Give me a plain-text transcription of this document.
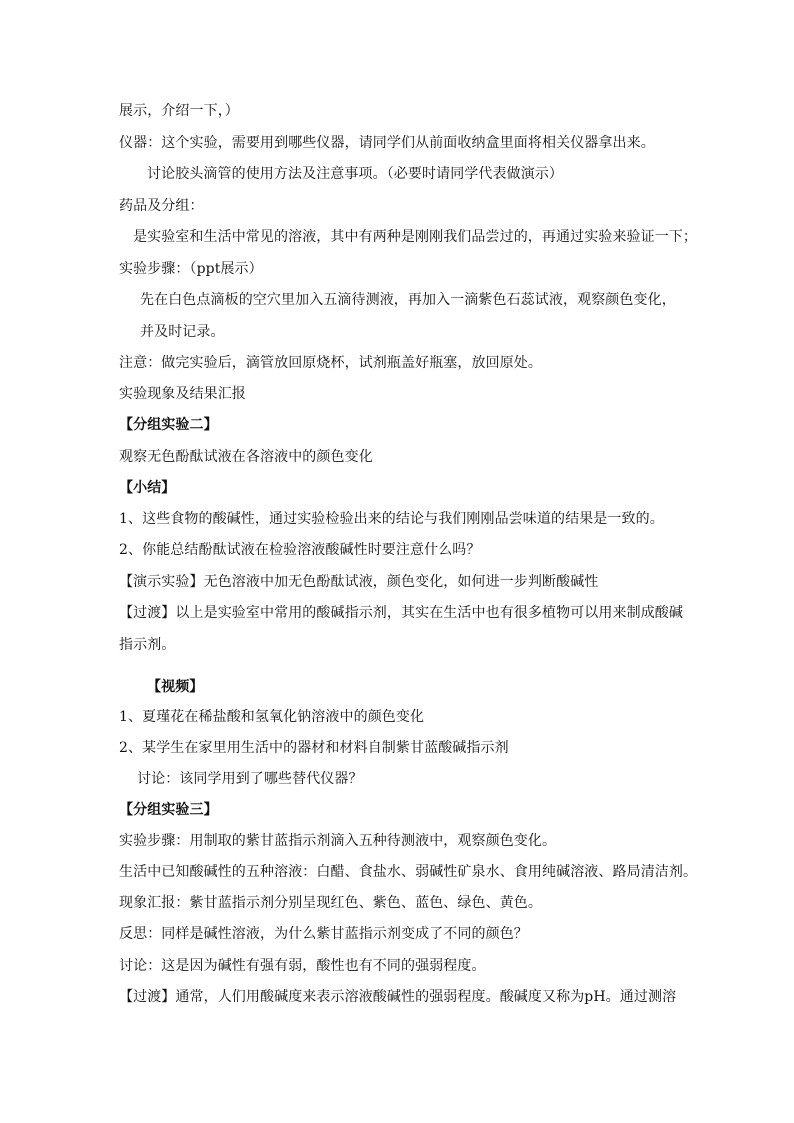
展示，介绍一下，）
仪器：这个实验，需要用到哪些仪器，请同学们从前面收纳盒里面将相关仪器拿出来。
讨论胶头滴管的使用方法及注意事项。（必要时请同学代表做演示）
药品及分组：
是实验室和生活中常见的溶液，其中有两种是刚刚我们品尝过的，再通过实验来验证一下；
实验步骤：（ppt展示）
先在白色点滴板的空穴里加入五滴待测液，再加入一滴紫色石蕊试液，观察颜色变化，
并及时记录。
注意：做完实验后，滴管放回原烧杯，试剂瓶盖好瓶塞，放回原处。
实验现象及结果汇报
【分组实验二】
观察无色酚酞试液在各溶液中的颜色变化
【小结】
1、这些食物的酸碱性，通过实验检验出来的结论与我们刚刚品尝味道的结果是一致的。
2、你能总结酚酞试液在检验溶液酸碱性时要注意什么吗？
【演示实验】无色溶液中加无色酚酞试液，颜色变化，如何进一步判断酸碱性
【过渡】以上是实验室中常用的酸碱指示剂，其实在生活中也有很多植物可以用来制成酸碱
指示剂。
【视频】
1、夏瑾花在稀盐酸和氢氧化钠溶液中的颜色变化
2、某学生在家里用生活中的器材和材料自制紫甘蓝酸碱指示剂
讨论：该同学用到了哪些替代仪器？
【分组实验三】
实验步骤：用制取的紫甘蓝指示剂滴入五种待测液中，观察颜色变化。
生活中已知酸碱性的五种溶液：白醋、食盐水、弱碱性矿泉水、食用纯碱溶液、路局清洁剂。
现象汇报：紫甘蓝指示剂分别呈现红色、紫色、蓝色、绿色、黄色。
反思：同样是碱性溶液，为什么紫甘蓝指示剂变成了不同的颜色？
讨论：这是因为碱性有强有弱，酸性也有不同的强弱程度。
【过渡】通常，人们用酸碱度来表示溶液酸碱性的强弱程度。酸碱度又称为pH。通过测溶
